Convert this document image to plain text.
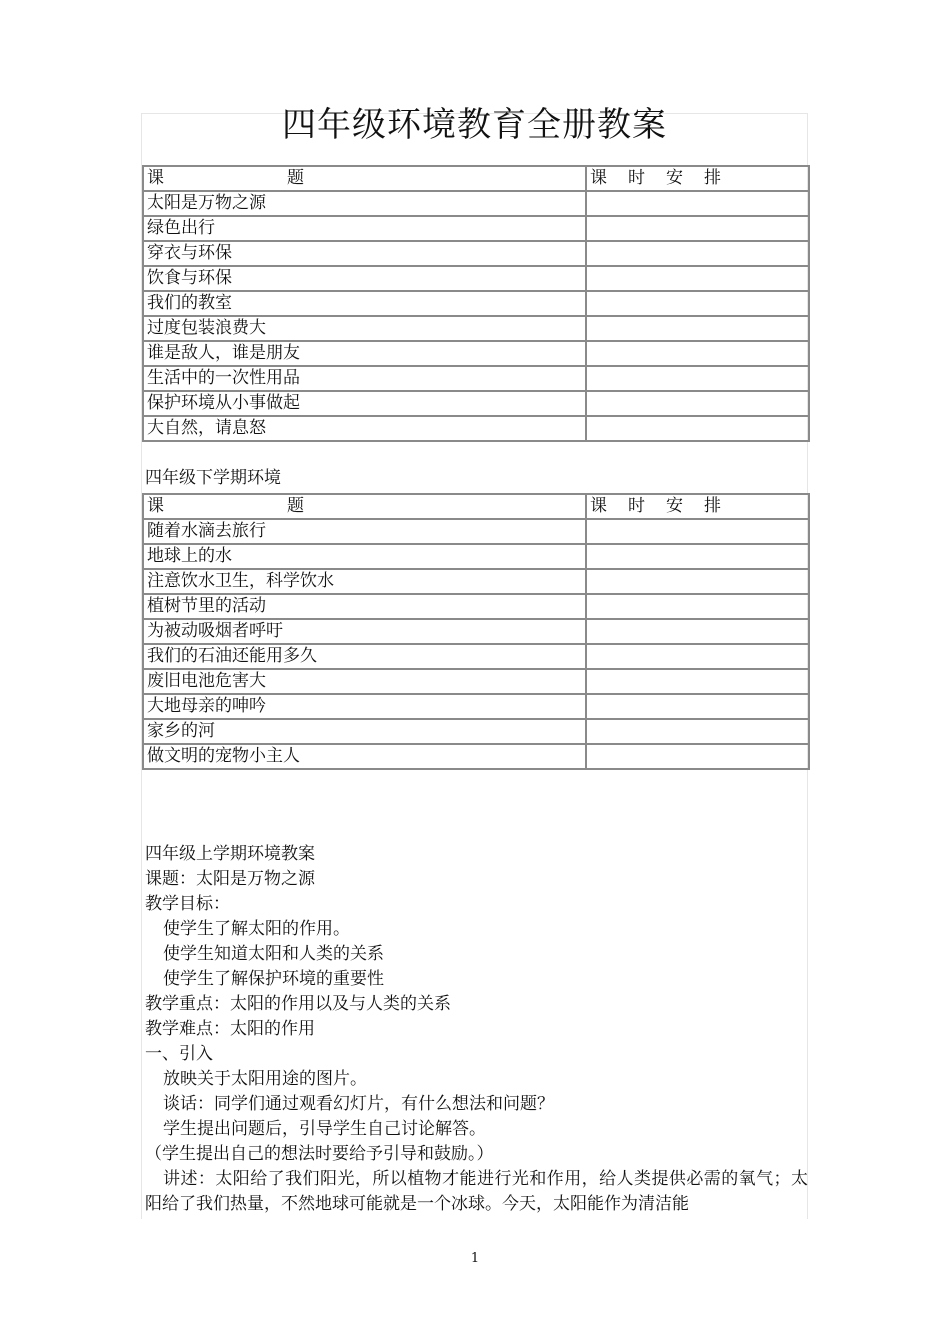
四年级环境教育全册教案
课 题	课 时 安 排
太阳是万物之源	
绿色出行	
穿衣与环保	
饮食与环保	
我们的教室	
过度包装浪费大	
谁是敌人，谁是朋友	
生活中的一次性用品	
保护环境从小事做起	
大自然，请息怒	
四年级下学期环境
课 题	课 时 安 排
随着水滴去旅行	
地球上的水	
注意饮水卫生，科学饮水	
植树节里的活动	
为被动吸烟者呼吁	
我们的石油还能用多久	
废旧电池危害大	
大地母亲的呻吟	
家乡的河	
做文明的宠物小主人	

四年级上学期环境教案

课题：太阳是万物之源

教学目标：

使学生了解太阳的作用。

使学生知道太阳和人类的关系

使学生了解保护环境的重要性

教学重点：太阳的作用以及与人类的关系

教学难点：太阳的作用

一、引入

放映关于太阳用途的图片。

谈话：同学们通过观看幻灯片，有什么想法和问题？

学生提出问题后，引导学生自己讨论解答。

（学生提出自己的想法时要给予引导和鼓励。）

讲述：太阳给了我们阳光，所以植物才能进行光和作用，给人类提供必需的氧气；太阳给了我们热量，不然地球可能就是一个冰球。今天，太阳能作为清洁能

1
